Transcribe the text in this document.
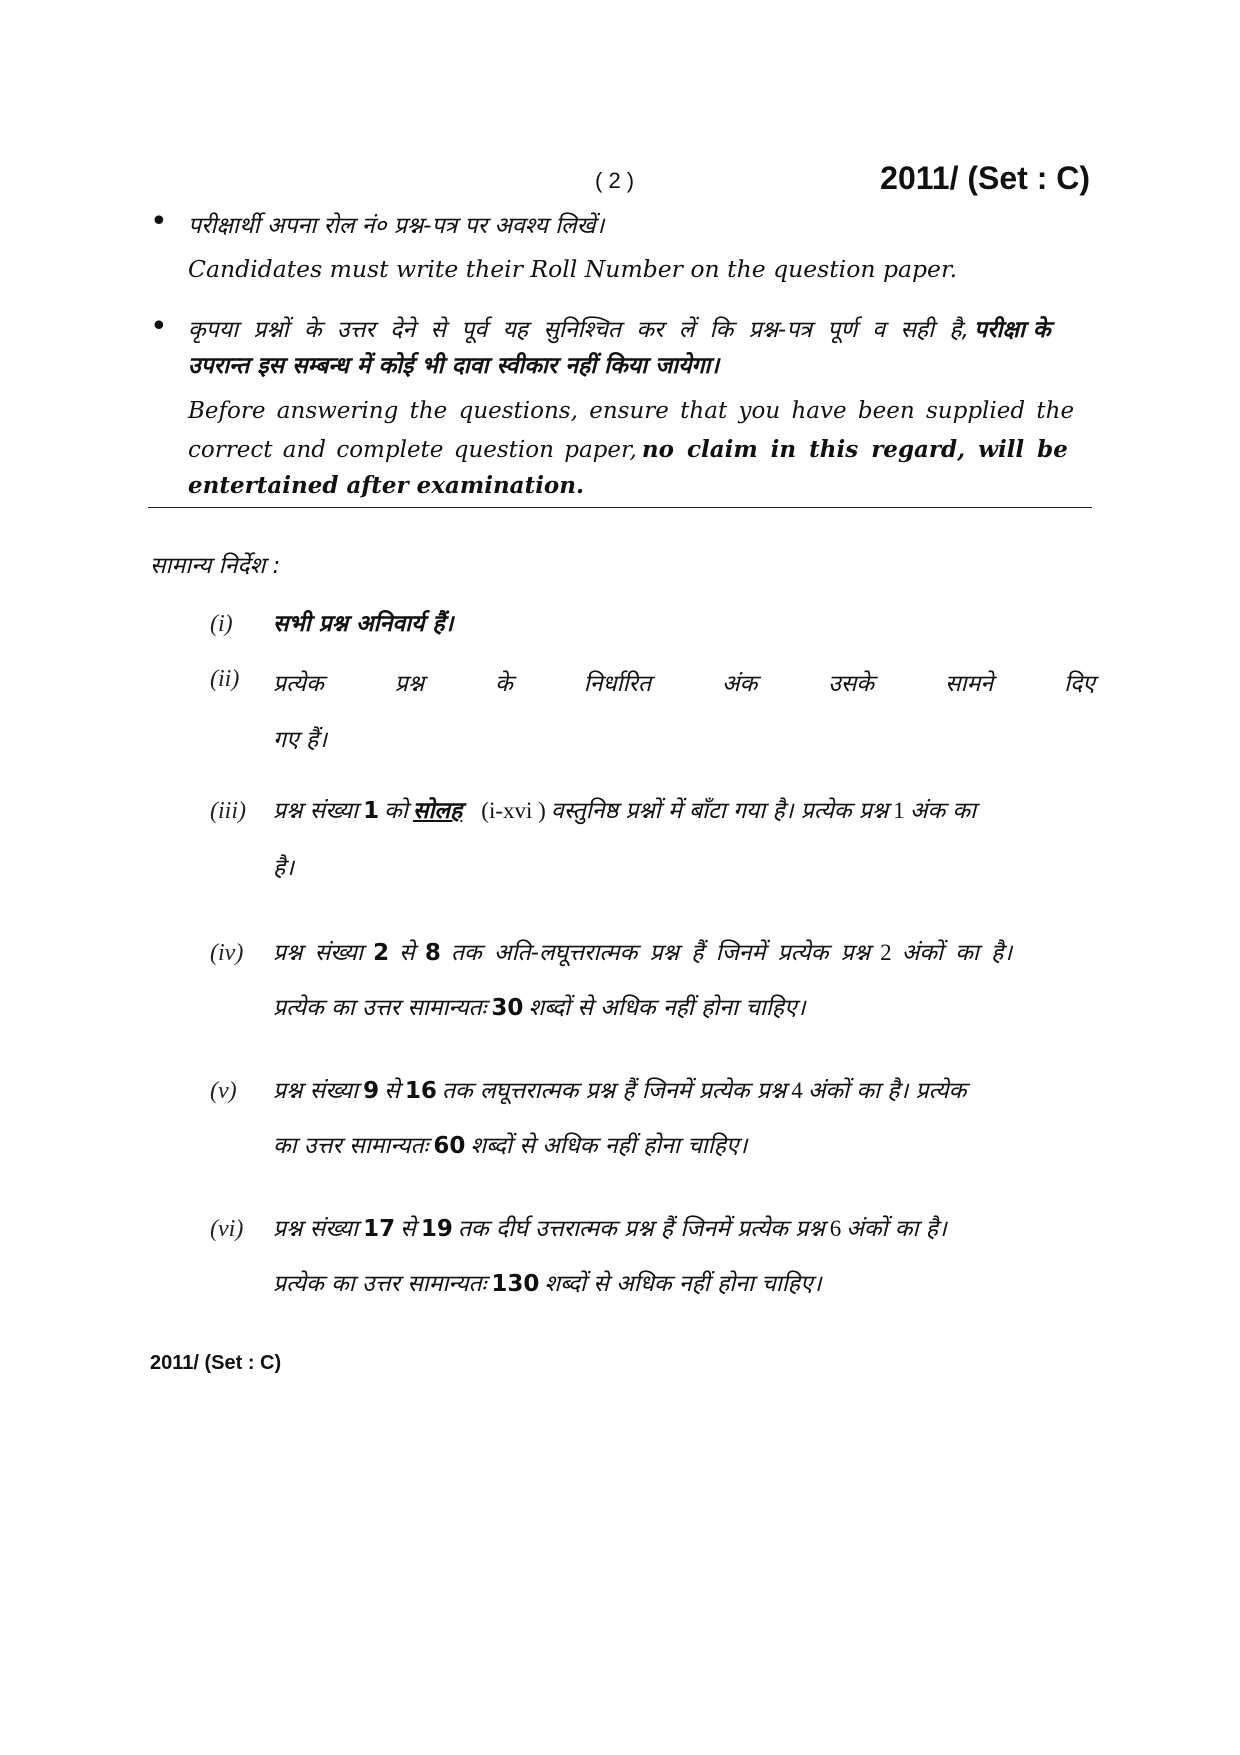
( 2 )	2011/ (Set : C)
• परीक्षार्थी अपना रोल नं० प्रश्न-पत्र पर अवश्य लिखें।
Candidates must write their Roll Number on the question paper.
• कृपया प्रश्नों के उत्तर देने से पूर्व यह सुनिश्चित कर लें कि प्रश्न-पत्र पूर्ण व सही है, परीक्षा के
उपरान्त इस सम्बन्ध में कोई भी दावा स्वीकार नहीं किया जायेगा।
Before answering the questions, ensure that you have been supplied the
correct and complete question paper, no claim in this regard, will be
entertained after examination.
सामान्य निर्देश :
(i) सभी प्रश्न अनिवार्य हैं।
(ii)	प्रत्येक	प्रश्न	के	निर्धारित	अंक	उसके	सामने	दिए
गए हैं।
(iii) प्रश्न संख्या 1 को सोलह (i-xvi ) वस्तुनिष्ठ प्रश्नों में बाँटा गया है। प्रत्येक प्रश्न 1 अंक का
है।
(iv) प्रश्न संख्या 2 से 8 तक अति-लघूत्तरात्मक प्रश्न हैं जिनमें प्रत्येक प्रश्न 2 अंकों का है।
प्रत्येक का उत्तर सामान्यतः 30 शब्दों से अधिक नहीं होना चाहिए।
(v) प्रश्न संख्या 9 से 16 तक लघूत्तरात्मक प्रश्न हैं जिनमें प्रत्येक प्रश्न 4 अंकों का है। प्रत्येक
का उत्तर सामान्यतः 60 शब्दों से अधिक नहीं होना चाहिए।
(vi) प्रश्न संख्या 17 से 19 तक दीर्घ उत्तरात्मक प्रश्न हैं जिनमें प्रत्येक प्रश्न 6 अंकों का है।
प्रत्येक का उत्तर सामान्यतः 130 शब्दों से अधिक नहीं होना चाहिए।
2011/ (Set : C)
